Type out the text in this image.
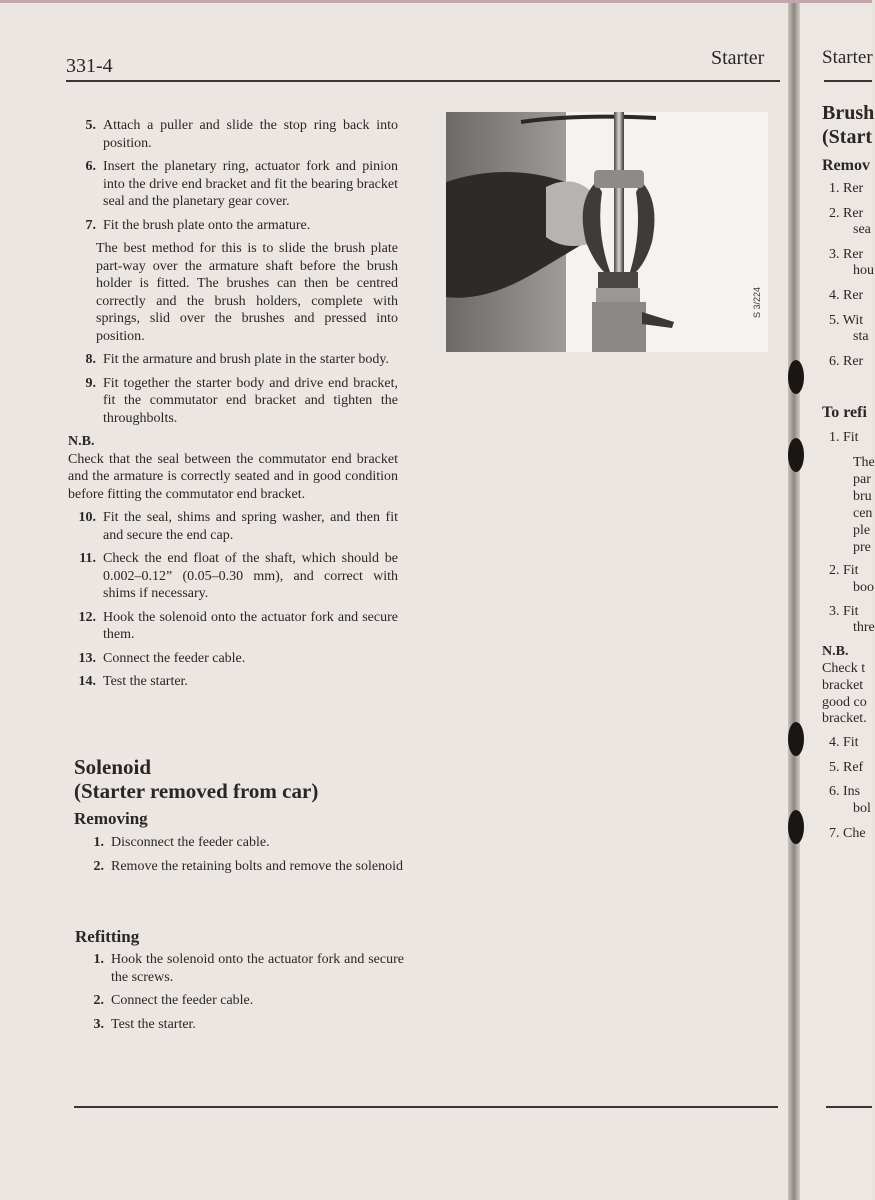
331-4	Starter
S 3/224
5. Attach a puller and slide the stop ring back into position.
6. Insert the planetary ring, actuator fork and pinion into the drive end bracket and fit the bearing bracket seal and the planetary gear cover.
7. Fit the brush plate onto the armature.
The best method for this is to slide the brush plate part-way over the armature shaft before the brush holder is fitted. The brushes can then be centred correctly and the brush holders, complete with springs, slid over the brushes and pressed into position.
8. Fit the armature and brush plate in the starter body.
9. Fit together the starter body and drive end bracket, fit the commutator end bracket and tighten the throughbolts.
N.B.
Check that the seal between the commutator end bracket and the armature is correctly seated and in good condition before fitting the commutator end bracket.
10. Fit the seal, shims and spring washer, and then fit and secure the end cap.
11. Check the end float of the shaft, which should be 0.002–0.12” (0.05–0.30 mm), and correct with shims if necessary.
12. Hook the solenoid onto the actuator fork and secure them.
13. Connect the feeder cable.
14. Test the starter.
Solenoid
(Starter removed from car)
Removing
1. Disconnect the feeder cable.
2. Remove the retaining bolts and remove the solenoid
Refitting
1. Hook the solenoid onto the actuator fork and secure the screws.
2. Connect the feeder cable.
3. Test the starter.
Starter
Brush
(Start
Remov
1. Rer
2. Rer
sea
3. Rer
hou
4. Rer
5. Wit
sta
6. Rer
To refi
1. Fit
The
par
bru
cen
ple
pre
2. Fit
boo
3. Fit
thre
N.B.
Check t
bracket
good co
bracket.
4. Fit
5. Ref
6. Ins
bol
7. Che
